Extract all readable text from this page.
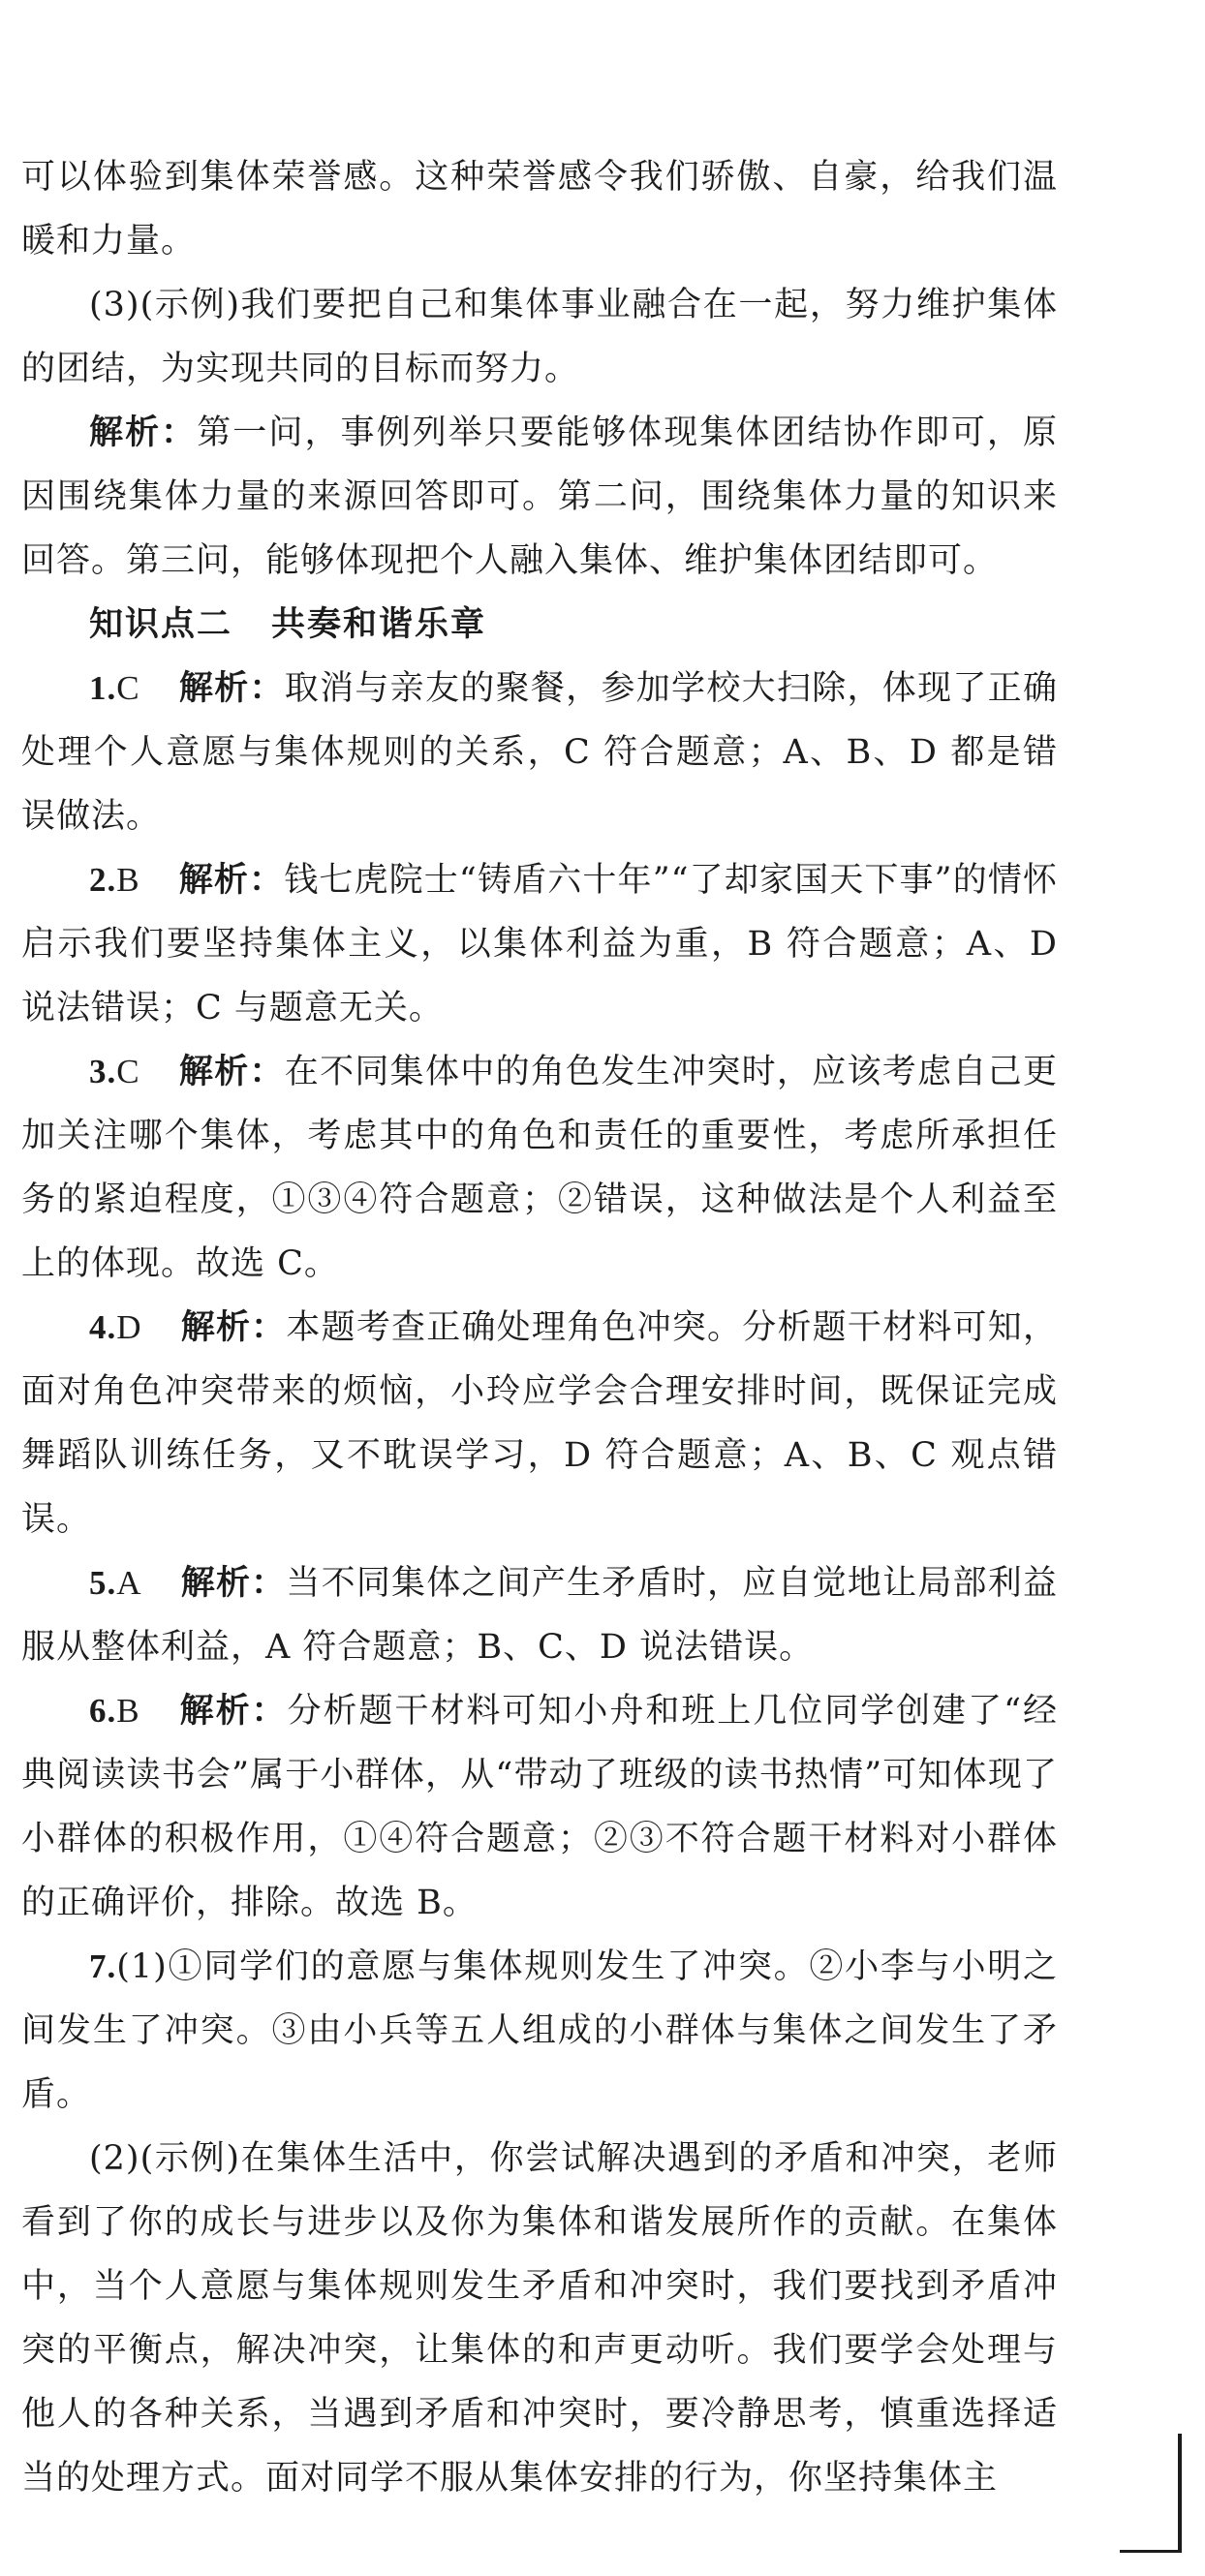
可以体验到集体荣誉感。这种荣誉感令我们骄傲、自豪，给我们温暖和力量。

(3)(示例)我们要把自己和集体事业融合在一起，努力维护集体的团结，为实现共同的目标而努力。

解析：第一问，事例列举只要能够体现集体团结协作即可，原因围绕集体力量的来源回答即可。第二问，围绕集体力量的知识来回答。第三问，能够体现把个人融入集体、维护集体团结即可。

知识点二 共奏和谐乐章

1.C 解析：取消与亲友的聚餐，参加学校大扫除，体现了正确处理个人意愿与集体规则的关系，C 符合题意；A、B、D 都是错误做法。

2.B 解析：钱七虎院士“铸盾六十年”“了却家国天下事”的情怀启示我们要坚持集体主义，以集体利益为重，B 符合题意；A、D 说法错误；C 与题意无关。

3.C 解析：在不同集体中的角色发生冲突时，应该考虑自己更加关注哪个集体，考虑其中的角色和责任的重要性，考虑所承担任务的紧迫程度，①③④符合题意；②错误，这种做法是个人利益至上的体现。故选 C。

4.D 解析：本题考查正确处理角色冲突。分析题干材料可知，面对角色冲突带来的烦恼，小玲应学会合理安排时间，既保证完成舞蹈队训练任务，又不耽误学习，D 符合题意；A、B、C 观点错误。

5.A 解析：当不同集体之间产生矛盾时，应自觉地让局部利益服从整体利益，A 符合题意；B、C、D 说法错误。

6.B 解析：分析题干材料可知小舟和班上几位同学创建了“经典阅读读书会”属于小群体，从“带动了班级的读书热情”可知体现了小群体的积极作用，①④符合题意；②③不符合题干材料对小群体的正确评价，排除。故选 B。

7.(1)①同学们的意愿与集体规则发生了冲突。②小李与小明之间发生了冲突。③由小兵等五人组成的小群体与集体之间发生了矛盾。

(2)(示例)在集体生活中，你尝试解决遇到的矛盾和冲突，老师看到了你的成长与进步以及你为集体和谐发展所作的贡献。在集体中，当个人意愿与集体规则发生矛盾和冲突时，我们要找到矛盾冲突的平衡点，解决冲突，让集体的和声更动听。我们要学会处理与他人的各种关系，当遇到矛盾和冲突时，要冷静思考，慎重选择适当的处理方式。面对同学不服从集体安排的行为，你坚持集体主
